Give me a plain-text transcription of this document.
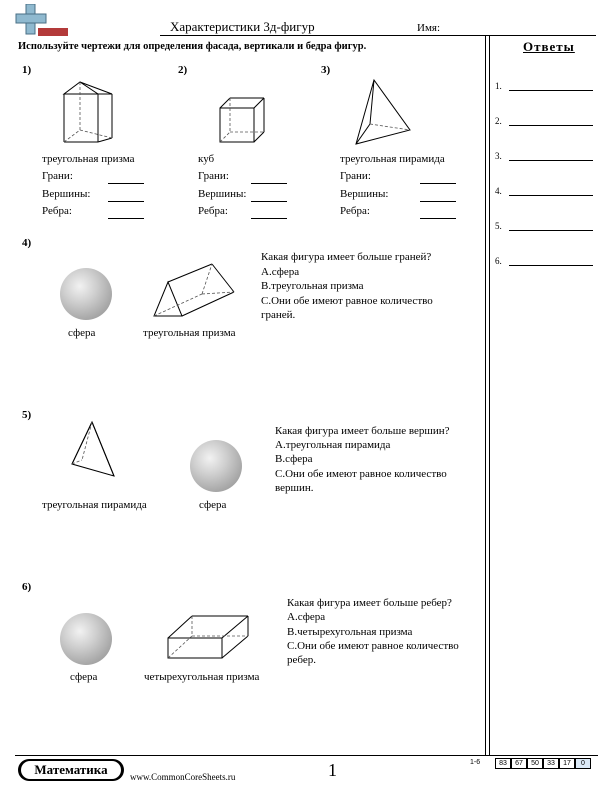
Характеристики 3д-фигур	Имя:
Используйте чертежи для определения фасада, вертикали и бедра фигур.	Ответы
1.
2.
3.
4.
5.
6.
1)
треугольная призма
Грани:
Вершины:
Ребра:
2)
куб
Грани:
Вершины:
Ребра:
3)
треугольная пирамида
Грани:
Вершины:
Ребра:
4)
сфера	треугольная призма
Какая фигура имеет больше граней?
A.сфера
B.треугольная призма
C.Они обе имеют равное количество
граней.
5)
треугольная пирамида	сфера
Какая фигура имеет больше вершин?
A.треугольная пирамида
B.сфера
C.Они обе имеют равное количество
вершин.
6)
сфера	четырехугольная призма
Какая фигура имеет больше ребер?
A.сфера
B.четырехугольная призма
C.Они обе имеют равное количество
ребер.
Математика	www.CommonCoreSheets.ru	1	1-6	83	67	50	33	17	0
